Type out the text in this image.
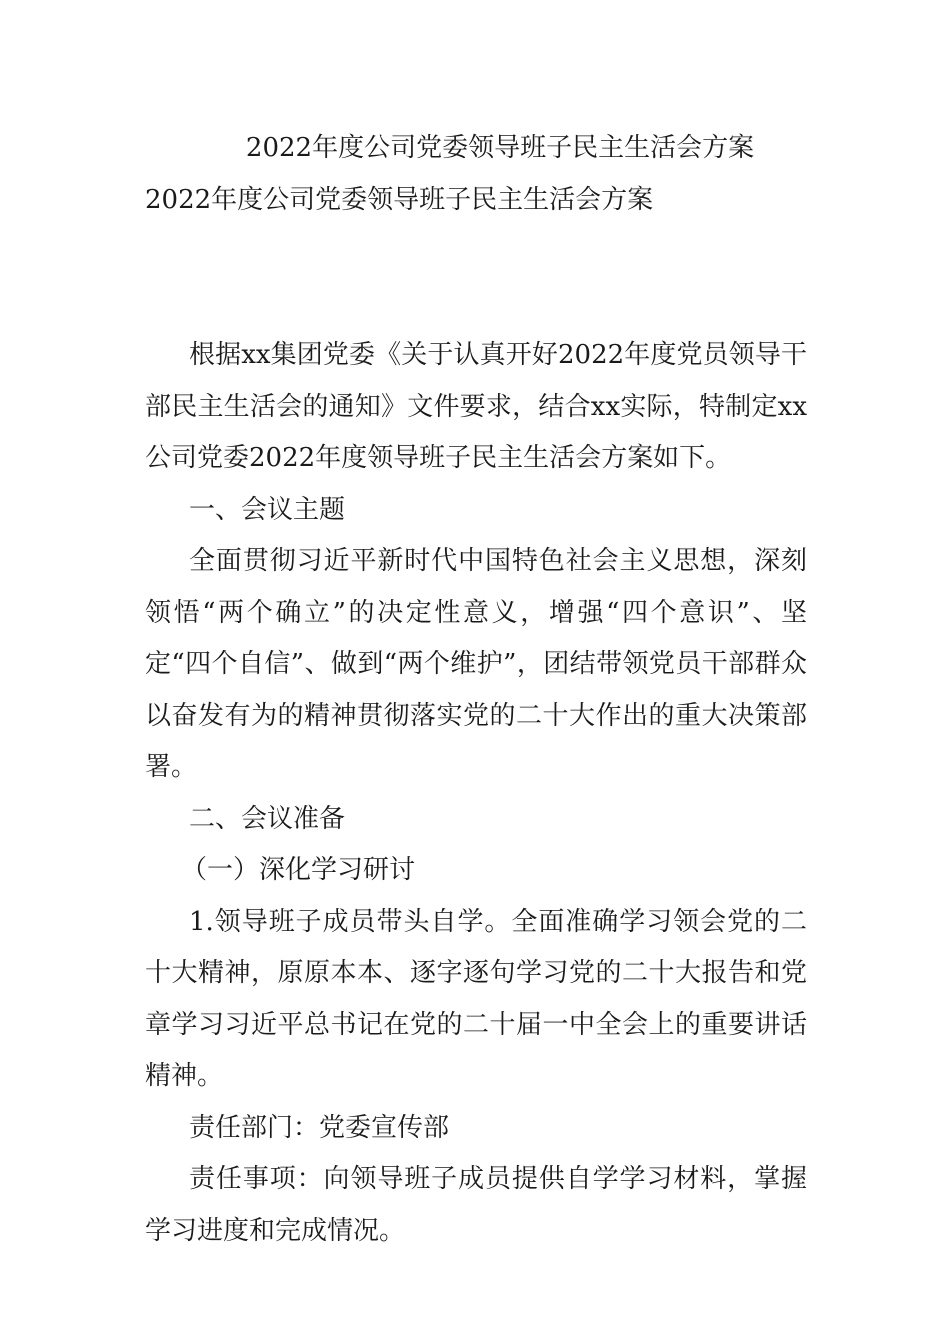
2022年度公司党委领导班子民主生活会方案
2022年度公司党委领导班子民主生活会方案

根据xx集团党委《关于认真开好2022年度党员领导干部民主生活会的通知》文件要求，结合xx实际，特制定xx公司党委2022年度领导班子民主生活会方案如下。

一、会议主题

全面贯彻习近平新时代中国特色社会主义思想，深刻领悟“两个确立”的决定性意义，增强“四个意识”、坚定“四个自信”、做到“两个维护”，团结带领党员干部群众以奋发有为的精神贯彻落实党的二十大作出的重大决策部署。

二、会议准备

（一）深化学习研讨

1.领导班子成员带头自学。全面准确学习领会党的二十大精神，原原本本、逐字逐句学习党的二十大报告和党章学习习近平总书记在党的二十届一中全会上的重要讲话精神。

责任部门：党委宣传部

责任事项：向领导班子成员提供自学学习材料，掌握学习进度和完成情况。
